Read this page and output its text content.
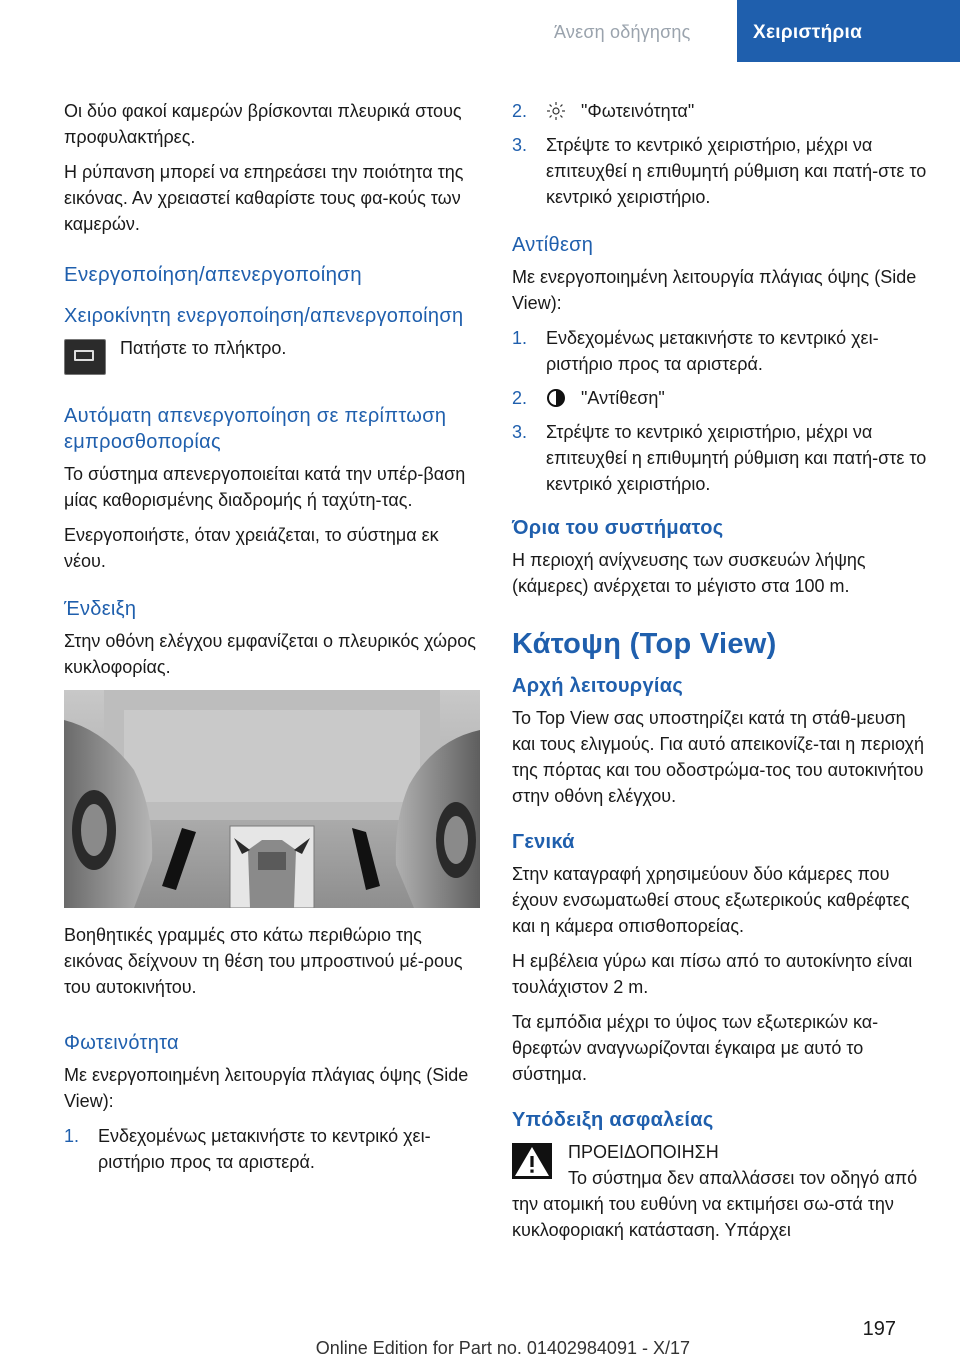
Άνεση οδήγησης	Χειριστήρια

Οι δύο φακοί καμερών βρίσκονται πλευρικά στους προφυλακτήρες.

Η ρύπανση μπορεί να επηρεάσει την ποιότητα της εικόνας. Αν χρειαστεί καθαρίστε τους φα‐κούς των καμερών.

Ενεργοποίηση/απενεργοποίηση
Χειροκίνητη ενεργοποίηση/απενεργοποίηση
Πατήστε το πλήκτρο.
Αυτόματη απενεργοποίηση σε περίπτωση εμπροσθοπορίας

Το σύστημα απενεργοποιείται κατά την υπέρ‐βαση μίας καθορισμένης διαδρομής ή ταχύτη‐τας.

Ενεργοποιήστε, όταν χρειάζεται, το σύστημα εκ νέου.

Ένδειξη

Στην οθόνη ελέγχου εμφανίζεται ο πλευρικός χώρος κυκλοφορίας.

Βοηθητικές γραμμές στο κάτω περιθώριο της εικόνας δείχνουν τη θέση του μπροστινού μέ‐ρους του αυτοκινήτου.

Φωτεινότητα

Με ενεργοποιημένη λειτουργία πλάγιας όψης (Side View):

1. Ενδεχομένως μετακινήστε το κεντρικό χει‐ριστήριο προς τα αριστερά.
2.	"Φωτεινότητα"
3. Στρέψτε το κεντρικό χειριστήριο, μέχρι να επιτευχθεί η επιθυμητή ρύθμιση και πατή‐στε το κεντρικό χειριστήριο.
Αντίθεση

Με ενεργοποιημένη λειτουργία πλάγιας όψης (Side View):

1. Ενδεχομένως μετακινήστε το κεντρικό χει‐ριστήριο προς τα αριστερά.
2.	"Αντίθεση"
3. Στρέψτε το κεντρικό χειριστήριο, μέχρι να επιτευχθεί η επιθυμητή ρύθμιση και πατή‐στε το κεντρικό χειριστήριο.
Όρια του συστήματος

Η περιοχή ανίχνευσης των συσκευών λήψης (κάμερες) ανέρχεται το μέγιστο στα 100 m.

Κάτοψη (Top View)
Αρχή λειτουργίας

Το Top View σας υποστηρίζει κατά τη στάθ‐μευση και τους ελιγμούς. Για αυτό απεικονίζε‐ται η περιοχή της πόρτας και του οδοστρώμα‐τος του αυτοκινήτου στην οθόνη ελέγχου.

Γενικά

Στην καταγραφή χρησιμεύουν δύο κάμερες που έχουν ενσωματωθεί στους εξωτερικούς καθρέφτες και η κάμερα οπισθοπορείας.

Η εμβέλεια γύρω και πίσω από το αυτοκίνητο είναι τουλάχιστον 2 m.

Τα εμπόδια μέχρι το ύψος των εξωτερικών κα‐θρεφτών αναγνωρίζονται έγκαιρα με αυτό το σύστημα.

Υπόδειξη ασφαλείας
ΠΡΟΕΙΔΟΠΟΙΗΣΗ
Το σύστημα δεν απαλλάσσει τον οδηγό από την ατομική του ευθύνη να εκτιμήσει σω‐στά την κυκλοφοριακή κατάσταση. Υπάρχει
197
Online Edition for Part no. 01402984091 - X/17
